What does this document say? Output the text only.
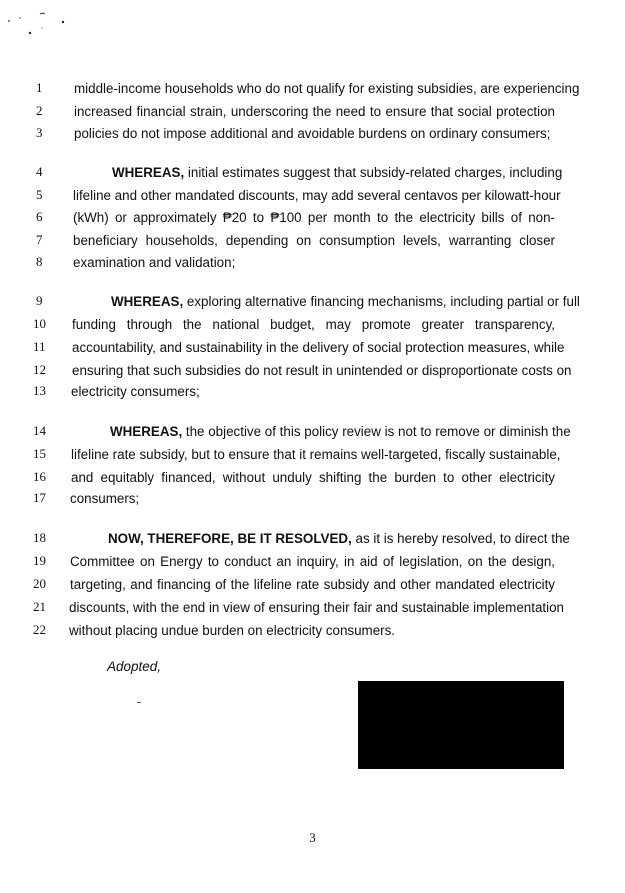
1	middle-income households who do not qualify for existing subsidies, are experiencing
2	increased financial strain, underscoring the need to ensure that social protection
3	policies do not impose additional and avoidable burdens on ordinary consumers;
4	WHEREAS, initial estimates suggest that subsidy-related charges, including
5	lifeline and other mandated discounts, may add several centavos per kilowatt-hour
6	(kWh) or approximately ₱20 to ₱100 per month to the electricity bills of non-
7	beneficiary households, depending on consumption levels, warranting closer
8	examination and validation;
9	WHEREAS, exploring alternative financing mechanisms, including partial or full
10	funding through the national budget, may promote greater transparency,
11	accountability, and sustainability in the delivery of social protection measures, while
12	ensuring that such subsidies do not result in unintended or disproportionate costs on
13	electricity consumers;
14	WHEREAS, the objective of this policy review is not to remove or diminish the
15	lifeline rate subsidy, but to ensure that it remains well-targeted, fiscally sustainable,
16	and equitably financed, without unduly shifting the burden to other electricity
17	consumers;
18	NOW, THEREFORE, BE IT RESOLVED, as it is hereby resolved, to direct the
19	Committee on Energy to conduct an inquiry, in aid of legislation, on the design,
20	targeting, and financing of the lifeline rate subsidy and other mandated electricity
21	discounts, with the end in view of ensuring their fair and sustainable implementation
22	without placing undue burden on electricity consumers.
Adopted,
3
